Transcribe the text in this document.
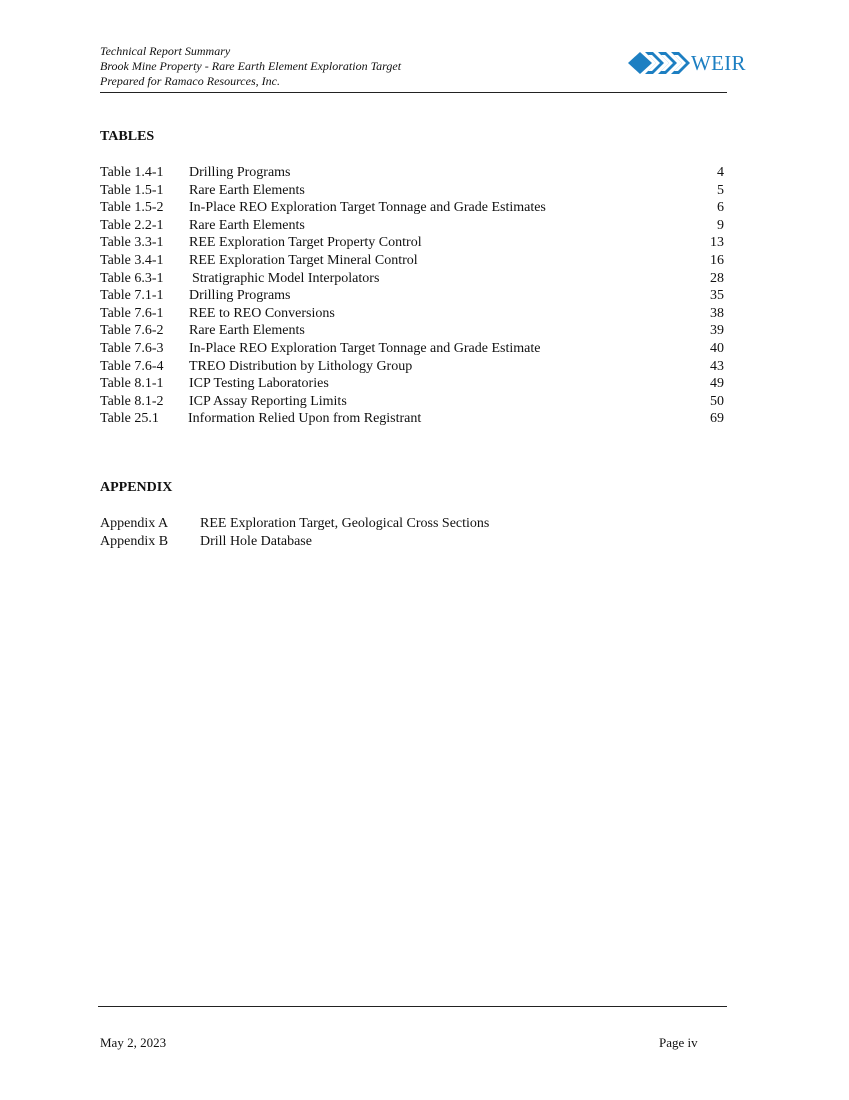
Technical Report Summary
Brook Mine Property - Rare Earth Element Exploration Target
Prepared for Ramaco Resources, Inc.
WEIR
TABLES
Table 1.4-1 Drilling Programs	4
Table 1.5-1 Rare Earth Elements	5
Table 1.5-2 In-Place REO Exploration Target Tonnage and Grade Estimates	6
Table 2.2-1 Rare Earth Elements	9
Table 3.3-1 REE Exploration Target Property Control	13
Table 3.4-1 REE Exploration Target Mineral Control	16
Table 6.3-1 Stratigraphic Model Interpolators	28
Table 7.1-1 Drilling Programs	35
Table 7.6-1 REE to REO Conversions	38
Table 7.6-2 Rare Earth Elements	39
Table 7.6-3 In-Place REO Exploration Target Tonnage and Grade Estimate	40
Table 7.6-4 TREO Distribution by Lithology Group	43
Table 8.1-1 ICP Testing Laboratories	49
Table 8.1-2 ICP Assay Reporting Limits	50
Table 25.1 Information Relied Upon from Registrant	69
APPENDIX
Appendix A REE Exploration Target, Geological Cross Sections
Appendix B Drill Hole Database
May 2, 2023	Page iv
